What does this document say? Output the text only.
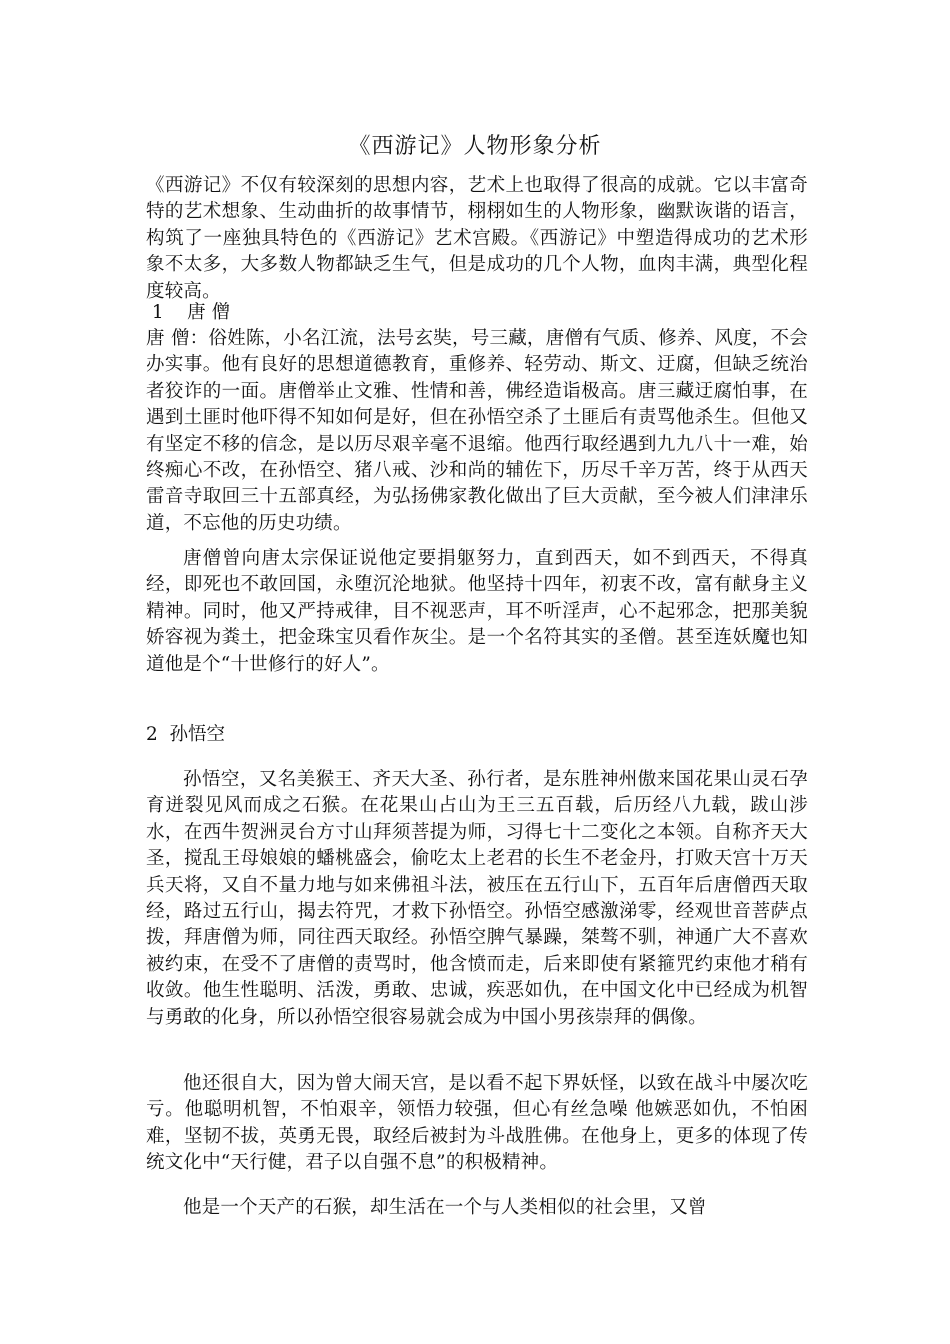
《西游记》人物形象分析

《西游记》不仅有较深刻的思想内容，艺术上也取得了很高的成就。它以丰富奇特的艺术想象、生动曲折的故事情节，栩栩如生的人物形象，幽默诙谐的语言，构筑了一座独具特色的《西游记》艺术宫殿。《西游记》中塑造得成功的艺术形象不太多，大多数人物都缺乏生气，但是成功的几个人物，血肉丰满，典型化程度较高。

1    唐 僧

唐 僧：俗姓陈，小名江流，法号玄奘，号三藏，唐僧有气质、修养、风度，不会办实事。他有良好的思想道德教育，重修养、轻劳动、斯文、迂腐，但缺乏统治者狡诈的一面。唐僧举止文雅、性情和善，佛经造诣极高。唐三藏迂腐怕事，在遇到土匪时他吓得不知如何是好，但在孙悟空杀了土匪后有责骂他杀生。但他又有坚定不移的信念，是以历尽艰辛毫不退缩。他西行取经遇到九九八十一难，始终痴心不改，在孙悟空、猪八戒、沙和尚的辅佐下，历尽千辛万苦，终于从西天雷音寺取回三十五部真经，为弘扬佛家教化做出了巨大贡献，至今被人们津津乐道，不忘他的历史功绩。

唐僧曾向唐太宗保证说他定要捐躯努力，直到西天，如不到西天，不得真经，即死也不敢回国，永堕沉沦地狱。他坚持十四年，初衷不改，富有献身主义精神。同时，他又严持戒律，目不视恶声，耳不听淫声，心不起邪念，把那美貌娇容视为粪土，把金珠宝贝看作灰尘。是一个名符其实的圣僧。甚至连妖魔也知道他是个“十世修行的好人”。

2  孙悟空

孙悟空，又名美猴王、齐天大圣、孙行者，是东胜神州傲来国花果山灵石孕育迸裂见风而成之石猴。在花果山占山为王三五百载，后历经八九载，跋山涉水，在西牛贺洲灵台方寸山拜须菩提为师，习得七十二变化之本领。自称齐天大圣，搅乱王母娘娘的蟠桃盛会，偷吃太上老君的长生不老金丹，打败天宫十万天兵天将，又自不量力地与如来佛祖斗法，被压在五行山下，五百年后唐僧西天取经，路过五行山，揭去符咒，才救下孙悟空。孙悟空感激涕零，经观世音菩萨点拨，拜唐僧为师，同往西天取经。孙悟空脾气暴躁，桀骜不驯，神通广大不喜欢被约束，在受不了唐僧的责骂时，他含愤而走，后来即使有紧箍咒约束他才稍有收敛。他生性聪明、活泼，勇敢、忠诚，疾恶如仇，在中国文化中已经成为机智与勇敢的化身，所以孙悟空很容易就会成为中国小男孩崇拜的偶像。

他还很自大，因为曾大闹天宫，是以看不起下界妖怪，以致在战斗中屡次吃亏。他聪明机智，不怕艰辛，领悟力较强，但心有丝急噪 他嫉恶如仇，不怕困难，坚韧不拔，英勇无畏，取经后被封为斗战胜佛。在他身上，更多的体现了传统文化中“天行健，君子以自强不息”的积极精神。

他是一个天产的石猴，却生活在一个与人类相似的社会里，又曾
